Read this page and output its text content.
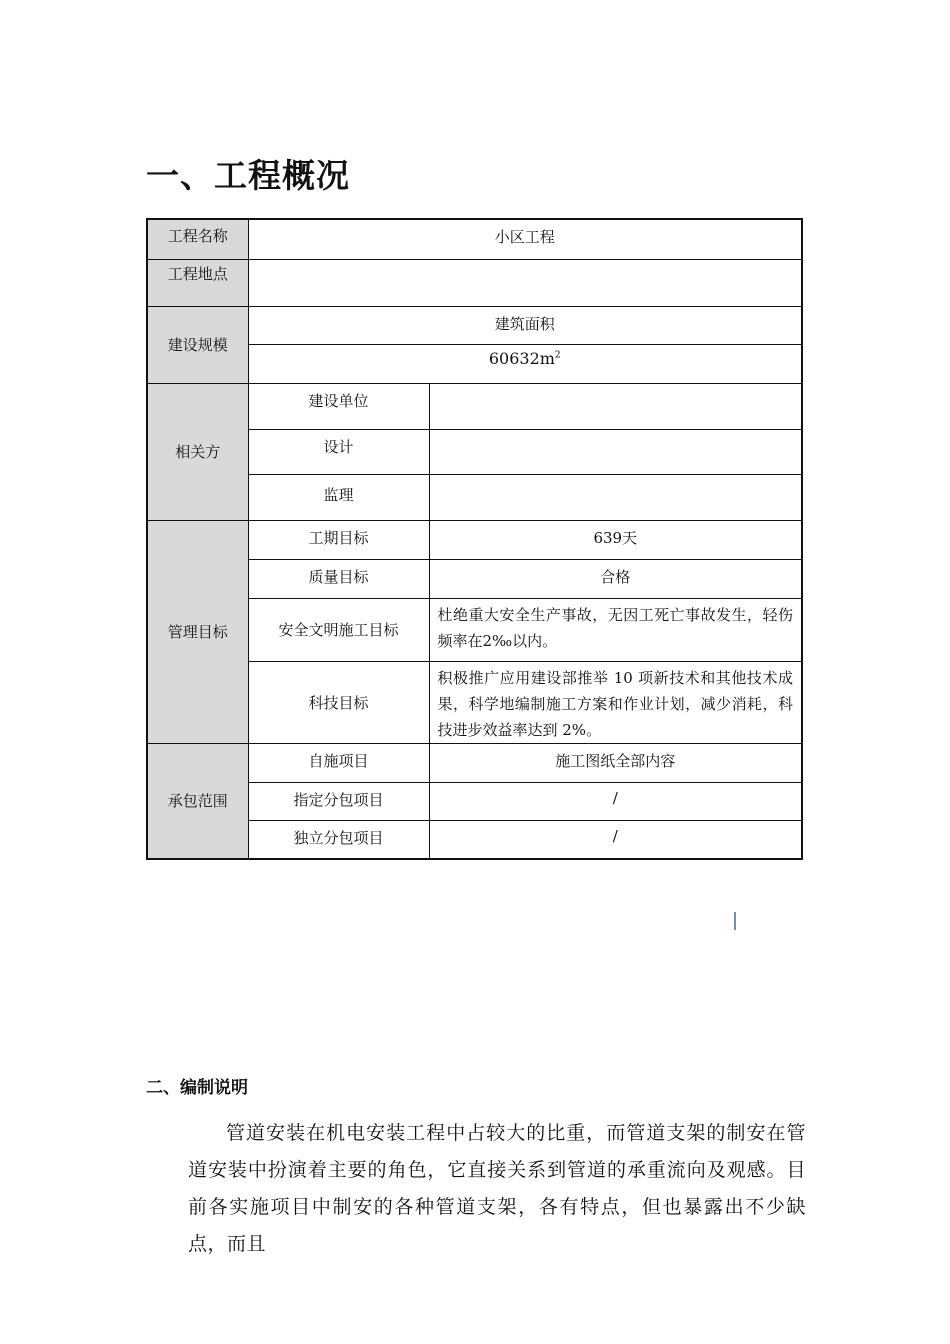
一、工程概况
工程名称	小区工程	
工程地点		
建设规模	建筑面积	
	$60632m^2$
相关方	建设单位	
	设计	
	监理	
管理目标	工期目标	639天
	质量目标	合格
	安全文明施工目标	杜绝重大安全生产事故，无因工死亡事故发生，轻伤频率在2‰以内。
	科技目标	积极推广应用建设部推举 10 项新技术和其他技术成果，科学地编制施工方案和作业计划，减少消耗，科技进步效益率达到 2%。
承包范围	自施项目	施工图纸全部内容
	指定分包项目	/
	独立分包项目	/
二、编制说明

管道安装在机电安装工程中占较大的比重，而管道支架的制安在管道安装中扮演着主要的角色，它直接关系到管道的承重流向及观感。目前各实施项目中制安的各种管道支架，各有特点，但也暴露出不少缺点，而且
